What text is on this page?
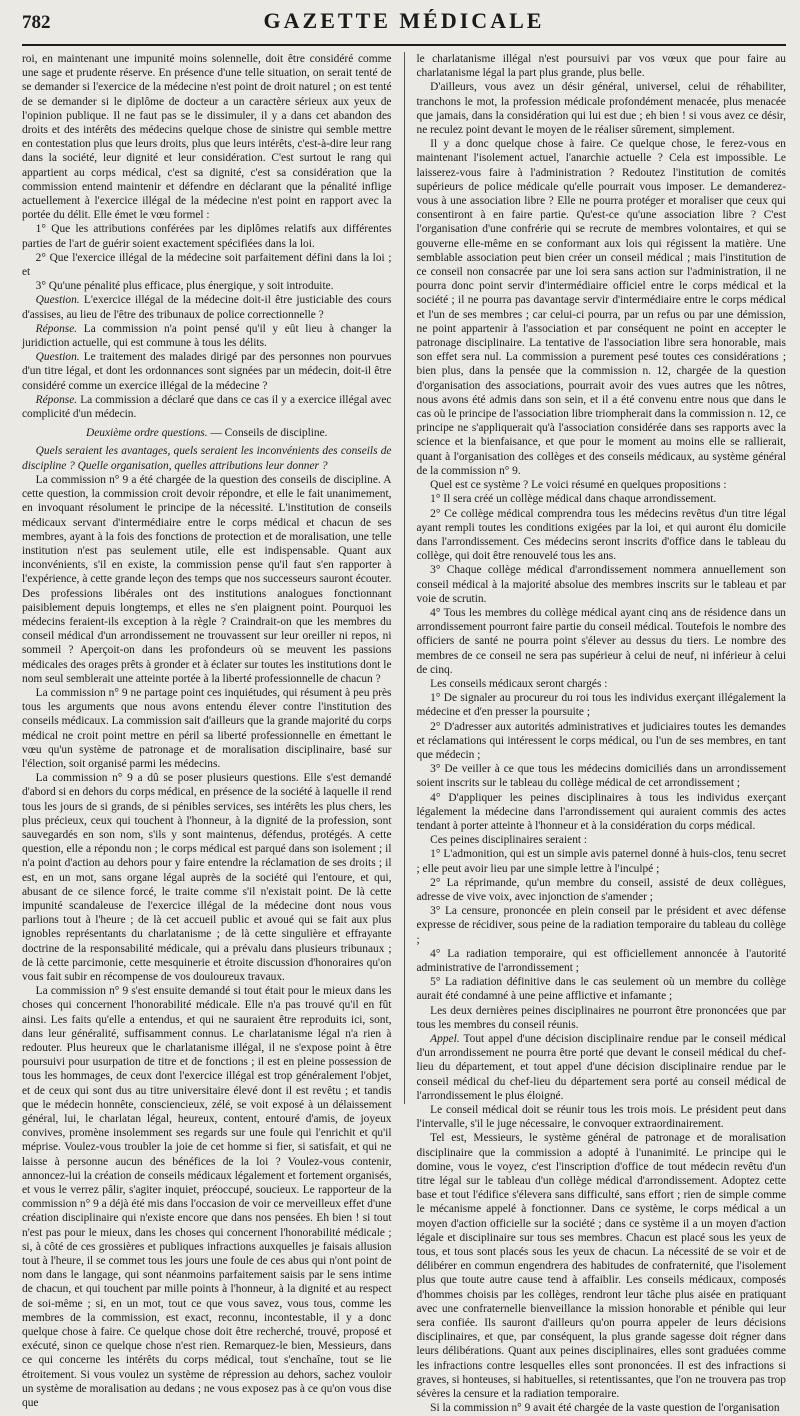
782	GAZETTE MÉDICALE

roi, en maintenant une impunité moins solennelle, doit être considéré comme une sage et prudente réserve. En présence d'une telle situation, on serait tenté de se demander si l'exercice de la médecine n'est point de droit naturel ; on est tenté de se demander si le diplôme de docteur a un caractère sérieux aux yeux de l'opinion publique. Il ne faut pas se le dissimuler, il y a dans cet abandon des droits et des intérêts des médecins quelque chose de sinistre qui semble mettre en contestation plus que leurs droits, plus que leurs intérêts, c'est-à-dire leur rang dans la société, leur dignité et leur considération. C'est surtout le rang qui appartient au corps médical, c'est sa dignité, c'est sa considération que la commission entend maintenir et défendre en déclarant que la pénalité inflige actuellement à l'exercice illégal de la médecine n'est point en rapport avec la portée du délit. Elle émet le vœu formel :

1° Que les attributions conférées par les diplômes relatifs aux différentes parties de l'art de guérir soient exactement spécifiées dans la loi.

2° Que l'exercice illégal de la médecine soit parfaitement défini dans la loi ; et

3° Qu'une pénalité plus efficace, plus énergique, y soit introduite.

Question. L'exercice illégal de la médecine doit-il être justiciable des cours d'assises, au lieu de l'être des tribunaux de police correctionnelle ?

Réponse. La commission n'a point pensé qu'il y eût lieu à changer la juridiction actuelle, qui est commune à tous les délits.

Question. Le traitement des malades dirigé par des personnes non pourvues d'un titre légal, et dont les ordonnances sont signées par un médecin, doit-il être considéré comme un exercice illégal de la médecine ?

Réponse. La commission a déclaré que dans ce cas il y a exercice illégal avec complicité d'un médecin.

Deuxième ordre questions. — Conseils de discipline.

Quels seraient les avantages, quels seraient les inconvénients des conseils de discipline ? Quelle organisation, quelles attributions leur donner ?

La commission n° 9 a été chargée de la question des conseils de discipline. A cette question, la commission croit devoir répondre, et elle le fait unanimement, en invoquant résolument le principe de la nécessité. L'institution de conseils médicaux servant d'intermédiaire entre le corps médical et chacun de ses membres, ayant à la fois des fonctions de protection et de moralisation, une telle institution n'est pas seulement utile, elle est indispensable. Quant aux inconvénients, s'il en existe, la commission pense qu'il faut s'en rapporter à l'expérience, à cette grande leçon des temps que nos successeurs sauront écouter. Des professions libérales ont des institutions analogues fonctionnant paisiblement depuis longtemps, et elles ne s'en plaignent point. Pourquoi les médecins feraient-ils exception à la règle ? Craindrait-on que les membres du conseil médical d'un arrondissement ne trouvassent sur leur oreiller ni repos, ni sommeil ? Aperçoit-on dans les profondeurs où se meuvent les passions médicales des orages prêts à gronder et à éclater sur toutes les institutions dont le nom seul semblerait une atteinte portée à la liberté professionnelle de chacun ?

La commission n° 9 ne partage point ces inquiétudes, qui résument à peu près tous les arguments que nous avons entendu élever contre l'institution des conseils médicaux. La commission sait d'ailleurs que la grande majorité du corps médical ne croit point mettre en péril sa liberté professionnelle en émettant le vœu qu'un système de patronage et de moralisation disciplinaire, basé sur l'élection, soit organisé parmi les médecins.

La commission n° 9 a dû se poser plusieurs questions. Elle s'est demandé d'abord si en dehors du corps médical, en présence de la société à laquelle il rend tous les jours de si grands, de si pénibles services, ses intérêts les plus chers, les plus précieux, ceux qui touchent à l'honneur, à la dignité de la profession, sont sauvegardés en son nom, s'ils y sont maintenus, défendus, protégés. A cette question, elle a répondu non ; le corps médical est parqué dans son isolement ; il n'a point d'action au dehors pour y faire entendre la réclamation de ses droits ; il est, en un mot, sans organe légal auprès de la société qui l'entoure, et qui, abusant de ce silence forcé, le traite comme s'il n'existait point. De là cette impunité scandaleuse de l'exercice illégal de la médecine dont nous vous parlions tout à l'heure ; de là cet accueil public et avoué qui se fait aux plus ignobles représentants du charlatanisme ; de là cette singulière et effrayante doctrine de la responsabilité médicale, qui a prévalu dans plusieurs tribunaux ; de là cette parcimonie, cette mesquinerie et étroite discussion d'honoraires qu'on vous fait subir en récompense de vos douloureux travaux.

La commission n° 9 s'est ensuite demandé si tout était pour le mieux dans les choses qui concernent l'honorabilité médicale. Elle n'a pas trouvé qu'il en fût ainsi. Les faits qu'elle a entendus, et qui ne sauraient être reproduits ici, sont, dans leur généralité, suffisamment connus. Le charlatanisme légal n'a rien à redouter. Plus heureux que le charlatanisme illégal, il ne s'expose point à être poursuivi pour usurpation de titre et de fonctions ; il est en pleine possession de tous les hommages, de ceux dont l'exercice illégal est trop généralement l'objet, et de ceux qui sont dus au titre universitaire élevé dont il est revêtu ; et tandis que le médecin honnête, consciencieux, zélé, se voit exposé à un délaissement général, lui, le charlatan légal, heureux, content, entouré d'amis, de joyeux convives, promène insolemment ses regards sur une foule qui l'enrichit et qu'il méprise. Voulez-vous troubler la joie de cet homme si fier, si satisfait, et qui ne laisse à personne aucun des bénéfices de la loi ? Voulez-vous contenir, annoncez-lui la création de conseils médicaux légalement et fortement organisés, et vous le verrez pâlir, s'agiter inquiet, préoccupé, soucieux. Le rapporteur de la commission n° 9 a déjà été mis dans l'occasion de voir ce merveilleux effet d'une création disciplinaire qui n'existe encore que dans nos pensées. Eh bien ! si tout n'est pas pour le mieux, dans les choses qui concernent l'honorabilité médicale ; si, à côté de ces grossières et publiques infractions auxquelles je faisais allusion tout à l'heure, il se commet tous les jours une foule de ces abus qui n'ont point de nom dans le langage, qui sont néanmoins parfaitement saisis par le sens intime de chacun, et qui touchent par mille points à l'honneur, à la dignité et au respect de soi-même ; si, en un mot, tout ce que vous savez, vous tous, comme les membres de la commission, est exact, reconnu, incontestable, il y a donc quelque chose à faire. Ce quelque chose doit être recherché, trouvé, proposé et exécuté, sinon ce quelque chose n'est rien. Remarquez-le bien, Messieurs, dans ce qui concerne les intérêts du corps médical, tout s'enchaîne, tout se lie étroitement. Si vous voulez un système de répression au dehors, sachez vouloir un système de moralisation au dedans ; ne vous exposez pas à ce qu'on vous dise que

le charlatanisme illégal n'est poursuivi par vos vœux que pour faire au charlatanisme légal la part plus grande, plus belle.

D'ailleurs, vous avez un désir général, universel, celui de réhabiliter, tranchons le mot, la profession médicale profondément menacée, plus menacée que jamais, dans la considération qui lui est due ; eh bien ! si vous avez ce désir, ne reculez point devant le moyen de le réaliser sûrement, simplement.

Il y a donc quelque chose à faire. Ce quelque chose, le ferez-vous en maintenant l'isolement actuel, l'anarchie actuelle ? Cela est impossible. Le laisserez-vous faire à l'administration ? Redoutez l'institution de comités supérieurs de police médicale qu'elle pourrait vous imposer. Le demanderez-vous à une association libre ? Elle ne pourra protéger et moraliser que ceux qui consentiront à en faire partie. Qu'est-ce qu'une association libre ? C'est l'organisation d'une confrérie qui se recrute de membres volontaires, et qui se gouverne elle-même en se conformant aux lois qui régissent la matière. Une semblable association peut bien créer un conseil médical ; mais l'institution de ce conseil non consacrée par une loi sera sans action sur l'administration, il ne pourra donc point servir d'intermédiaire officiel entre le corps médical et la société ; il ne pourra pas davantage servir d'intermédiaire entre le corps médical et l'un de ses membres ; car celui-ci pourra, par un refus ou par une démission, ne point appartenir à l'association et par conséquent ne point en accepter le patronage disciplinaire. La tentative de l'association libre sera honorable, mais son effet sera nul. La commission a purement pesé toutes ces considérations ; bien plus, dans la pensée que la commission n. 12, chargée de la question d'organisation des associations, pourrait avoir des vues autres que les nôtres, nous avons été admis dans son sein, et il a été convenu entre nous que dans le cas où le principe de l'association libre triompherait dans la commission n. 12, ce principe ne s'appliquerait qu'à l'association considérée dans ses rapports avec la science et la bienfaisance, et que pour le moment au moins elle se rallierait, quant à l'organisation des collèges et des conseils médicaux, au système général de la commission n° 9.

Quel est ce système ? Le voici résumé en quelques propositions :

1° Il sera créé un collège médical dans chaque arrondissement.

2° Ce collège médical comprendra tous les médecins revêtus d'un titre légal ayant rempli toutes les conditions exigées par la loi, et qui auront élu domicile dans l'arrondissement. Ces médecins seront inscrits d'office dans le tableau du collège, qui doit être renouvelé tous les ans.

3° Chaque collège médical d'arrondissement nommera annuellement son conseil médical à la majorité absolue des membres inscrits sur le tableau et par voie de scrutin.

4° Tous les membres du collège médical ayant cinq ans de résidence dans un arrondissement pourront faire partie du conseil médical. Toutefois le nombre des officiers de santé ne pourra point s'élever au dessus du tiers. Le nombre des membres de ce conseil ne sera pas supérieur à celui de neuf, ni inférieur à celui de cinq.

Les conseils médicaux seront chargés :

1° De signaler au procureur du roi tous les individus exerçant illégalement la médecine et d'en presser la poursuite ;

2° D'adresser aux autorités administratives et judiciaires toutes les demandes et réclamations qui intéressent le corps médical, ou l'un de ses membres, en tant que médecin ;

3° De veiller à ce que tous les médecins domiciliés dans un arrondissement soient inscrits sur le tableau du collège médical de cet arrondissement ;

4° D'appliquer les peines disciplinaires à tous les individus exerçant légalement la médecine dans l'arrondissement qui auraient commis des actes tendant à porter atteinte à l'honneur et à la considération du corps médical.

Ces peines disciplinaires seraient :

1° L'admonition, qui est un simple avis paternel donné à huis-clos, tenu secret ; elle peut avoir lieu par une simple lettre à l'inculpé ;

2° La réprimande, qu'un membre du conseil, assisté de deux collègues, adresse de vive voix, avec injonction de s'amender ;

3° La censure, prononcée en plein conseil par le président et avec défense expresse de récidiver, sous peine de la radiation temporaire du tableau du collège ;

4° La radiation temporaire, qui est officiellement annoncée à l'autorité administrative de l'arrondissement ;

5° La radiation définitive dans le cas seulement où un membre du collège aurait été condamné à une peine afflictive et infamante ;

Les deux dernières peines disciplinaires ne pourront être prononcées que par tous les membres du conseil réunis.

Appel. Tout appel d'une décision disciplinaire rendue par le conseil médical d'un arrondissement ne pourra être porté que devant le conseil médical du chef-lieu du département, et tout appel d'une décision disciplinaire rendue par le conseil médical du chef-lieu du département sera porté au conseil médical de l'arrondissement le plus éloigné.

Le conseil médical doit se réunir tous les trois mois. Le président peut dans l'intervalle, s'il le juge nécessaire, le convoquer extraordinairement.

Tel est, Messieurs, le système général de patronage et de moralisation disciplinaire que la commission a adopté à l'unanimité. Le principe qui le domine, vous le voyez, c'est l'inscription d'office de tout médecin revêtu d'un titre légal sur le tableau d'un collège médical d'arrondissement. Adoptez cette base et tout l'édifice s'élevera sans difficulté, sans effort ; rien de simple comme le mécanisme appelé à fonctionner. Dans ce système, le corps médical a un moyen d'action officielle sur la société ; dans ce système il a un moyen d'action légale et disciplinaire sur tous ses membres. Chacun est placé sous les yeux de tous, et tous sont placés sous les yeux de chacun. La nécessité de se voir et de délibérer en commun engendrera des habitudes de confraternité, que l'isolement plus que toute autre cause tend à affaiblir. Les conseils médicaux, composés d'hommes choisis par les collèges, rendront leur tâche plus aisée en pratiquant avec une confraternelle bienveillance la mission honorable et pénible qui leur sera confiée. Ils sauront d'ailleurs qu'on pourra appeler de leurs décisions disciplinaires, et que, par conséquent, la plus grande sagesse doit régner dans leurs délibérations. Quant aux peines disciplinaires, elles sont graduées comme les infractions contre lesquelles elles sont prononcées. Il est des infractions si graves, si honteuses, si habituelles, si retentissantes, que l'on ne trouvera pas trop sévères la censure et la radiation temporaire.

Si la commission n° 9 avait été chargée de la vaste question de l'organisation
